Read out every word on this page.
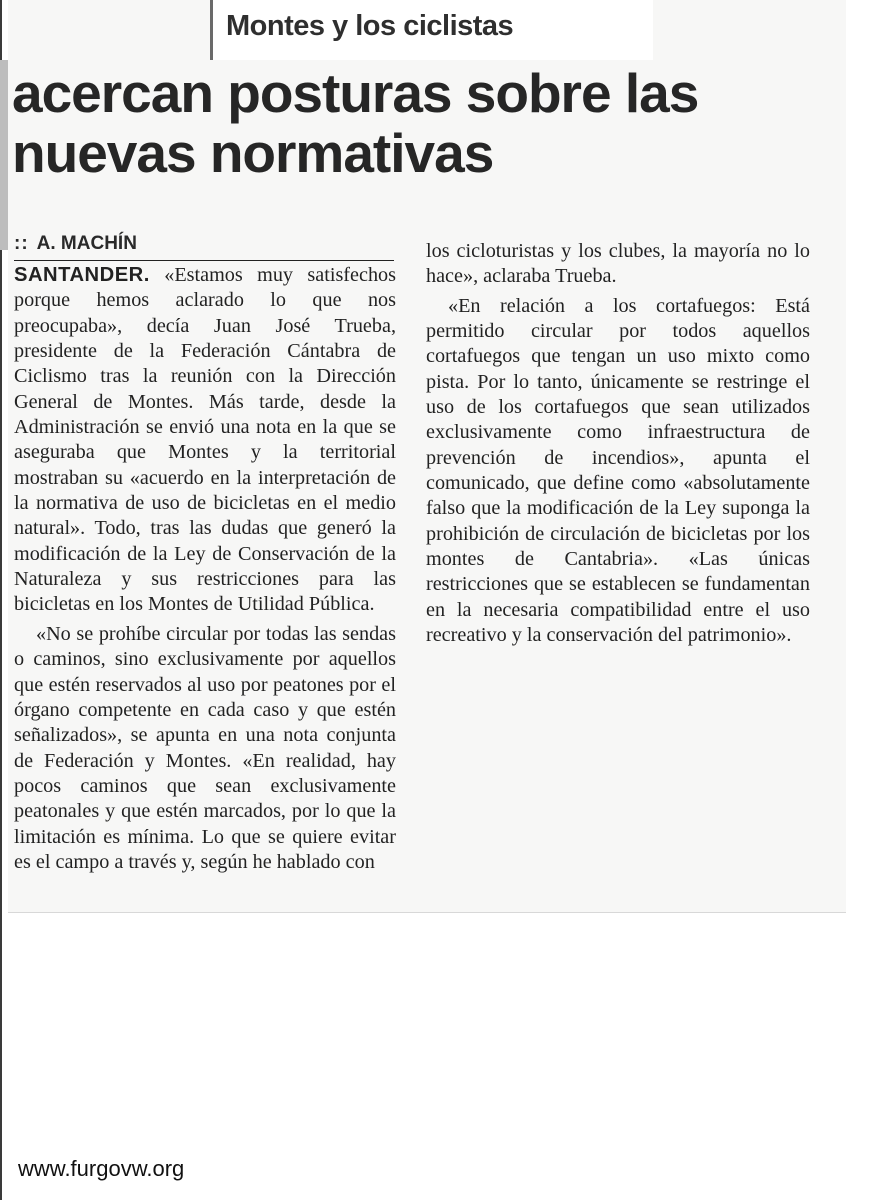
Montes y los ciclistas
acercan posturas sobre las nuevas normativas
:: A. MACHÍN

SANTANDER. «Estamos muy satisfechos porque hemos aclarado lo que nos preocupaba», decía Juan José Trueba, presidente de la Federación Cántabra de Ciclismo tras la reunión con la Dirección General de Montes. Más tarde, desde la Administración se envió una nota en la que se aseguraba que Montes y la territorial mostraban su «acuerdo en la interpretación de la normativa de uso de bicicletas en el medio natural». Todo, tras las dudas que generó la modificación de la Ley de Conservación de la Naturaleza y sus restricciones para las bicicletas en los Montes de Utilidad Pública.

«No se prohíbe circular por todas las sendas o caminos, sino exclusivamente por aquellos que estén reservados al uso por peatones por el órgano competente en cada caso y que estén señalizados», se apunta en una nota conjunta de Federación y Montes. «En realidad, hay pocos caminos que sean exclusivamente peatonales y que estén marcados, por lo que la limitación es mínima. Lo que se quiere evitar es el campo a través y, según he hablado con

los cicloturistas y los clubes, la mayoría no lo hace», aclaraba Trueba.

«En relación a los cortafuegos: Está permitido circular por todos aquellos cortafuegos que tengan un uso mixto como pista. Por lo tanto, únicamente se restringe el uso de los cortafuegos que sean utilizados exclusivamente como infraestructura de prevención de incendios», apunta el comunicado, que define como «absolutamente falso que la modificación de la Ley suponga la prohibición de circulación de bicicletas por los montes de Cantabria». «Las únicas restricciones que se establecen se fundamentan en la necesaria compatibilidad entre el uso recreativo y la conservación del patrimonio».

www.furgovw.org
